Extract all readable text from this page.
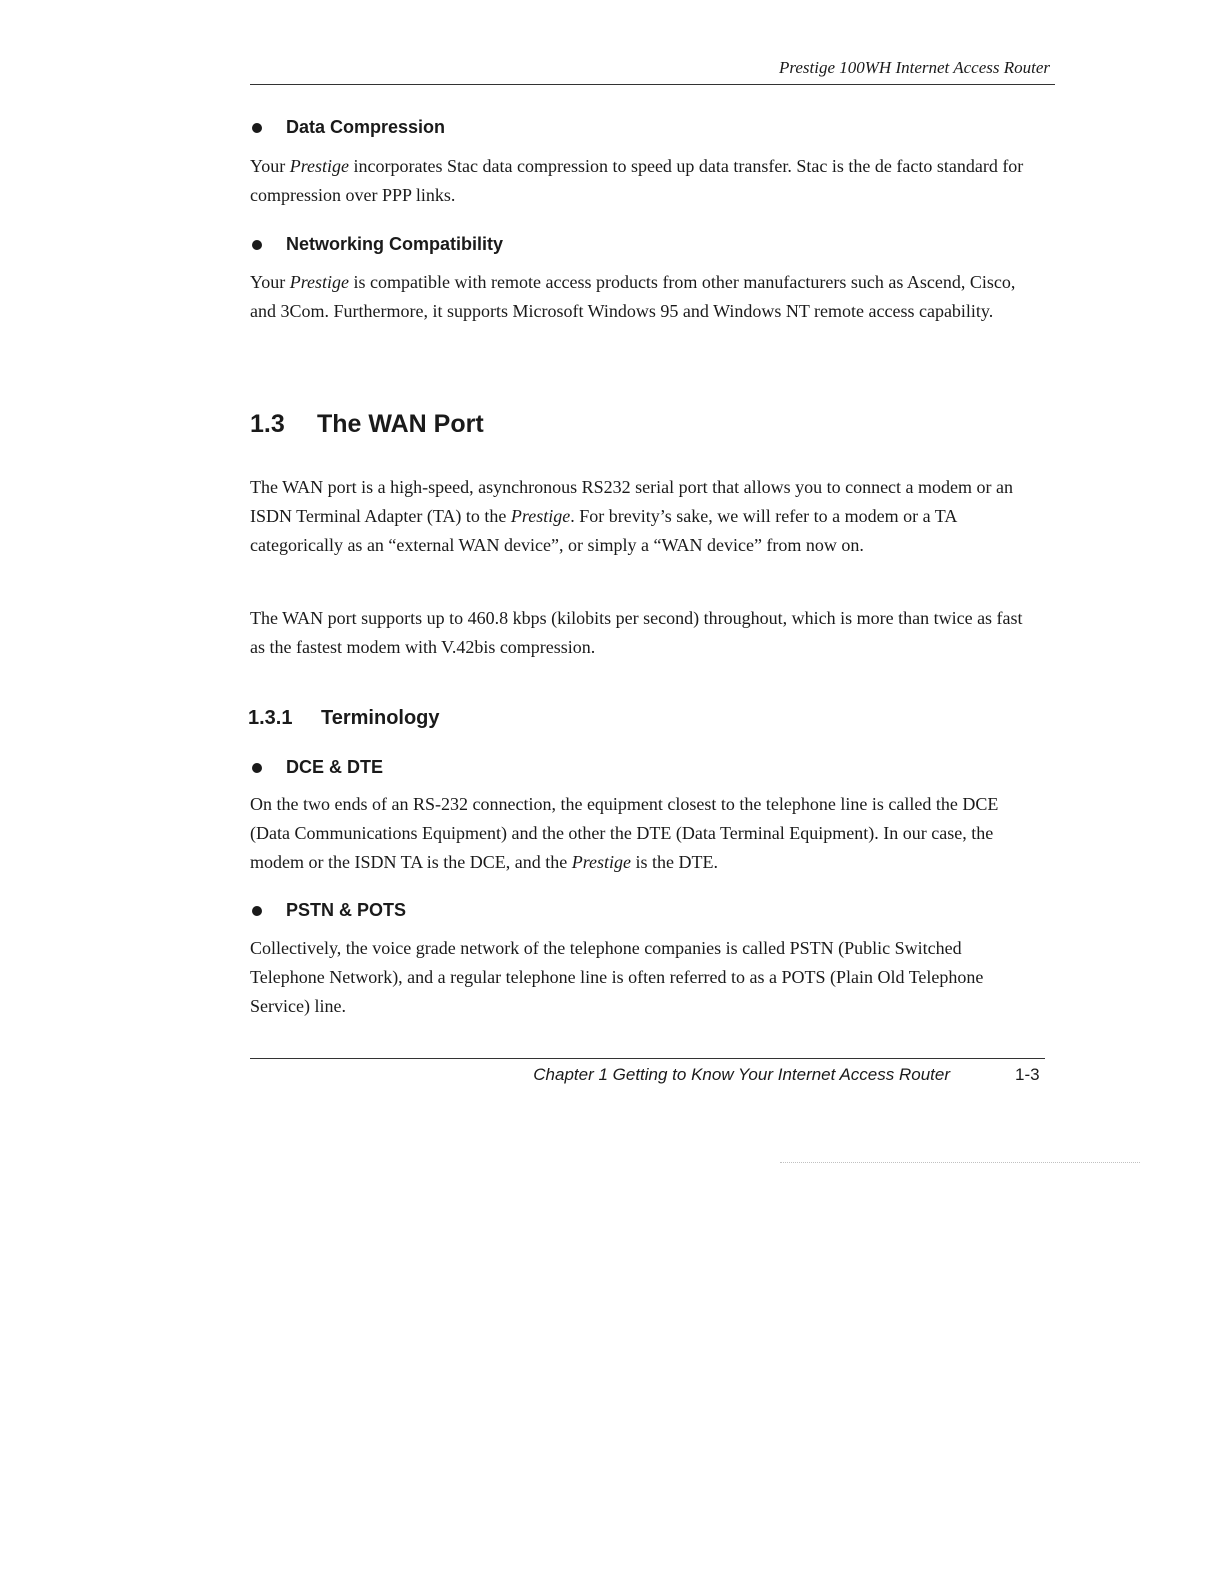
Prestige 100WH Internet Access Router
Data Compression
Your Prestige incorporates Stac data compression to speed up data transfer. Stac is the de facto standard for compression over PPP links.
Networking Compatibility
Your Prestige is compatible with remote access products from other manufacturers such as Ascend, Cisco, and 3Com. Furthermore, it supports Microsoft Windows 95 and Windows NT remote access capability.
1.3	The WAN Port
The WAN port is a high-speed, asynchronous RS232 serial port that allows you to connect a modem or an ISDN Terminal Adapter (TA) to the Prestige. For brevity’s sake, we will refer to a modem or a TA categorically as an “external WAN device”, or simply a “WAN device” from now on.
The WAN port supports up to 460.8 kbps (kilobits per second) throughout, which is more than twice as fast as the fastest modem with V.42bis compression.
1.3.1	Terminology
DCE & DTE
On the two ends of an RS-232 connection, the equipment closest to the telephone line is called the DCE (Data Communications Equipment) and the other the DTE (Data Terminal Equipment). In our case, the modem or the ISDN TA is the DCE, and the Prestige is the DTE.
PSTN & POTS
Collectively, the voice grade network of the telephone companies is called PSTN (Public Switched Telephone Network), and a regular telephone line is often referred to as a POTS (Plain Old Telephone Service) line.
Chapter 1 Getting to Know Your Internet Access Router	1-3
